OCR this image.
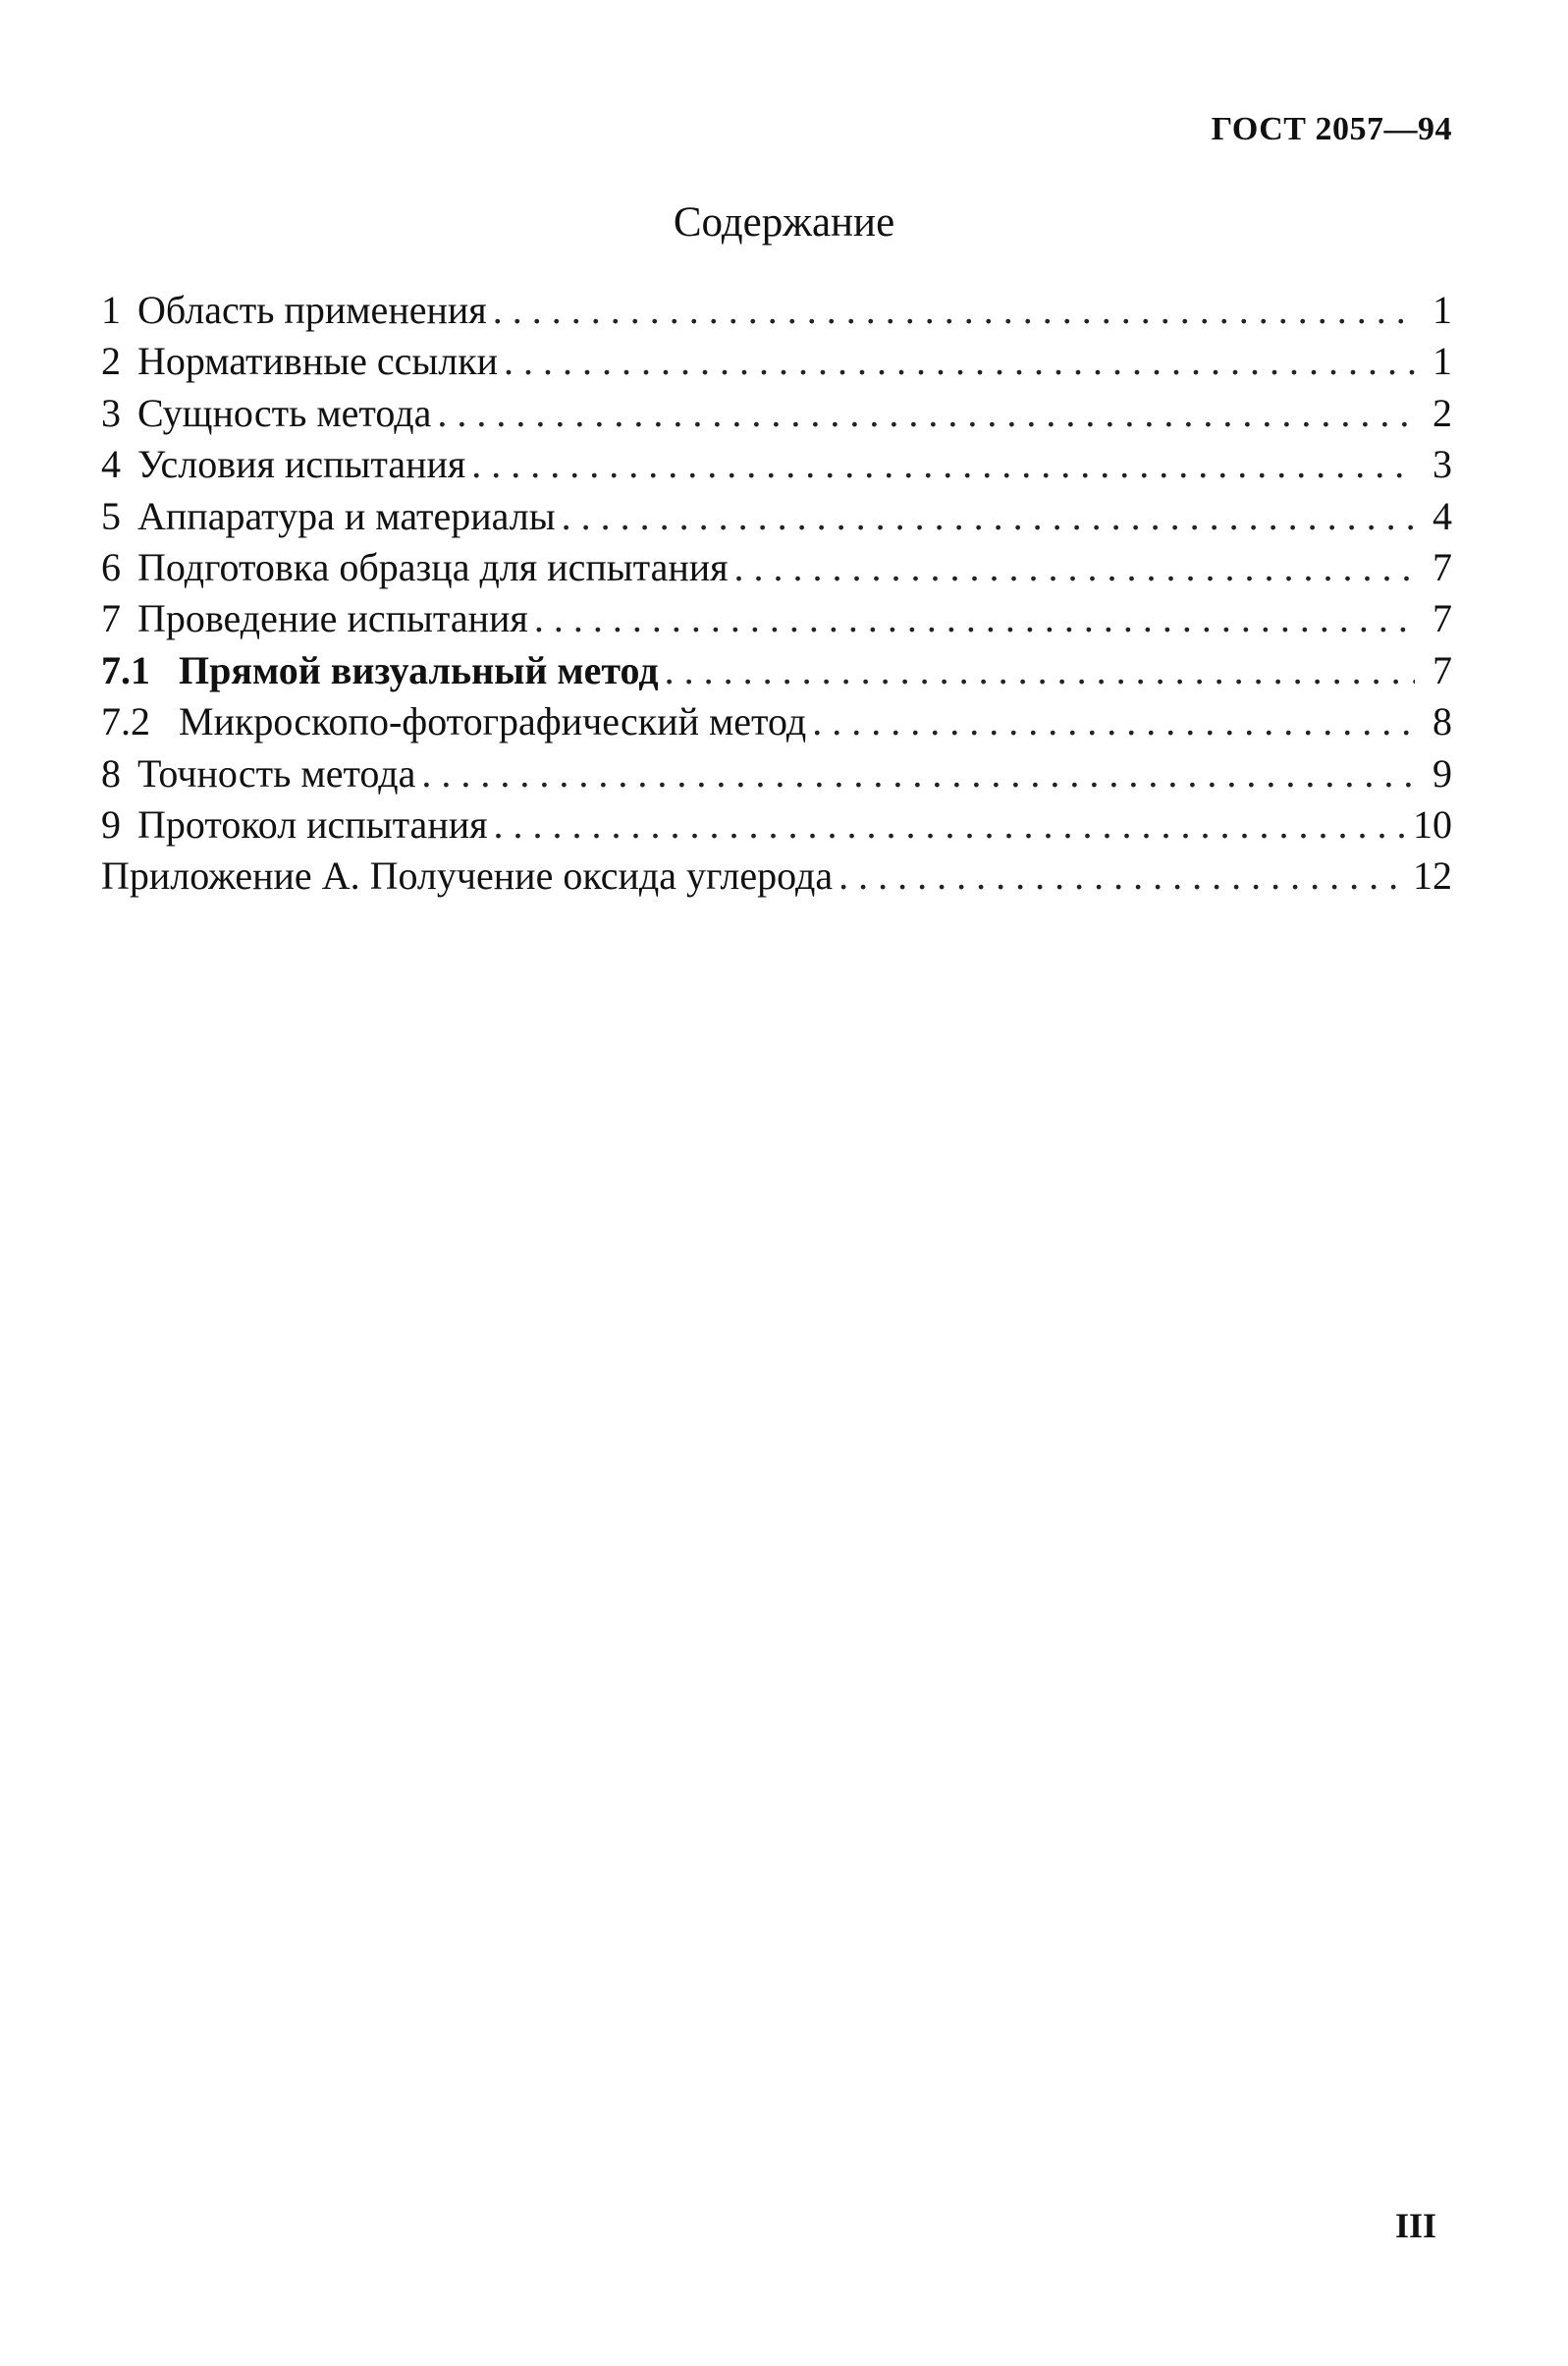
ГОСТ 2057—94
Содержание
1 Область применения . . .	1
2 Нормативные ссылки . . .	1
3 Сущность метода . . .	2
4 Условия испытания . . .	3
5 Аппаратура и материалы . . .	4
6 Подготовка образца для испытания . . .	7
7 Проведение испытания . . .	7
7.1 Прямой визуальный метод . . .	7
7.2 Микроскопо-фотографический метод . . .	8
8 Точность метода . . .	9
9 Протокол испытания . . .	10
Приложение А. Получение оксида углерода . . .	12
III
